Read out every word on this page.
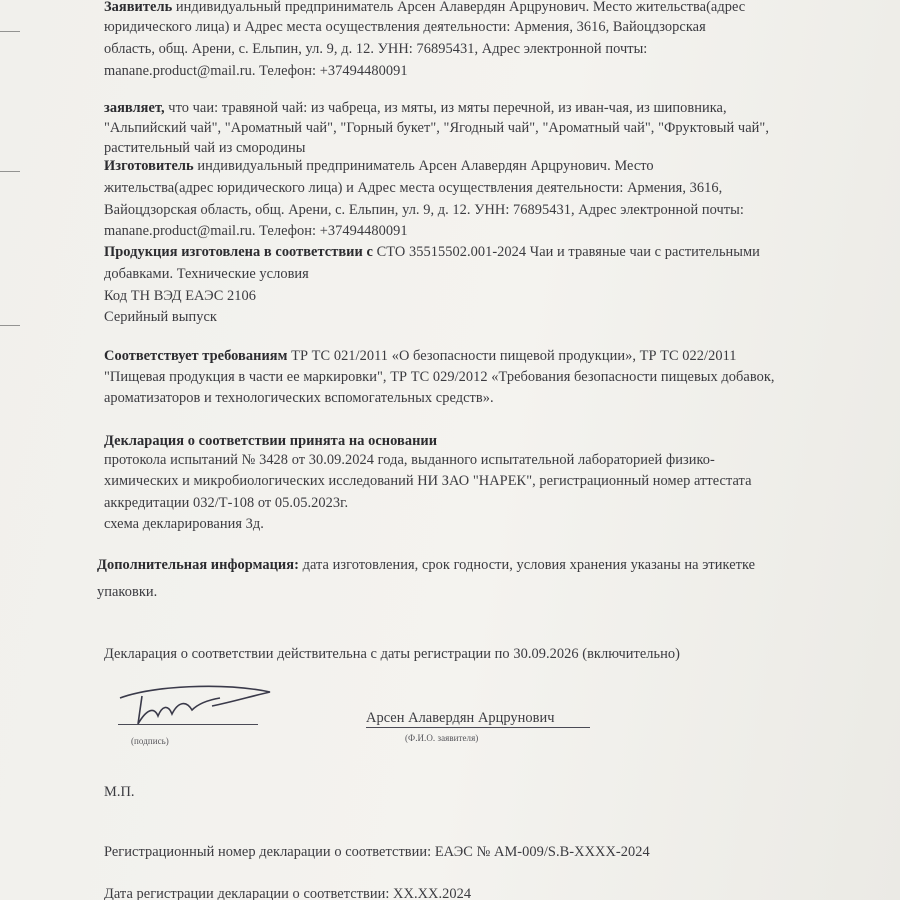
Заявитель индивидуальный предприниматель Арсен Алавердян Арцрунович. Место жительства(адрес
юридического лица) и Адрес места осуществления деятельности: Армения, 3616, Вайоцдзорская
область, общ. Арени, с. Ельпин, ул. 9, д. 12. УНН: 76895431, Адрес электронной почты:
manane.product@mail.ru. Телефон: +37494480091
заявляет, что чаи: травяной чай: из чабреца, из мяты, из мяты перечной, из иван-чая, из шиповника,
"Альпийский чай", "Ароматный чай", "Горный букет", "Ягодный чай", "Ароматный чай", "Фруктовый чай",
растительный чай из смородины
Изготовитель индивидуальный предприниматель Арсен Алавердян Арцрунович. Место
жительства(адрес юридического лица) и Адрес места осуществления деятельности: Армения, 3616,
Вайоцдзорская область, общ. Арени, с. Ельпин, ул. 9, д. 12. УНН: 76895431, Адрес электронной почты:
manane.product@mail.ru. Телефон: +37494480091
Продукция изготовлена в соответствии с СТО 35515502.001-2024 Чаи и травяные чаи с растительными
добавками. Технические условия
Код ТН ВЭД ЕАЭС 2106
Серийный выпуск
Соответствует требованиям ТР ТС 021/2011 «О безопасности пищевой продукции», ТР ТС 022/2011
"Пищевая продукция в части ее маркировки", ТР ТС 029/2012 «Требования безопасности пищевых добавок,
ароматизаторов и технологических вспомогательных средств».
Декларация о соответствии принята на основании
протокола испытаний № 3428 от 30.09.2024 года, выданного испытательной лабораторией физико-
химических и микробиологических исследований НИ ЗАО "НАРЕК", регистрационный номер аттестата
аккредитации 032/Т-108 от 05.05.2023г.
схема декларирования 3д.
Дополнительная информация: дата изготовления, срок годности, условия хранения указаны на этикетке
упаковки.
Декларация о соответствии действительна с даты регистрации по 30.09.2026 (включительно)
(подпись)
Арсен Алавердян Арцрунович
(Ф.И.О. заявителя)
М.П.
Регистрационный номер декларации о соответствии: ЕАЭС № АМ-009/S.В-ХХХХ-2024
Дата регистрации декларации о соответствии: ХХ.ХХ.2024
